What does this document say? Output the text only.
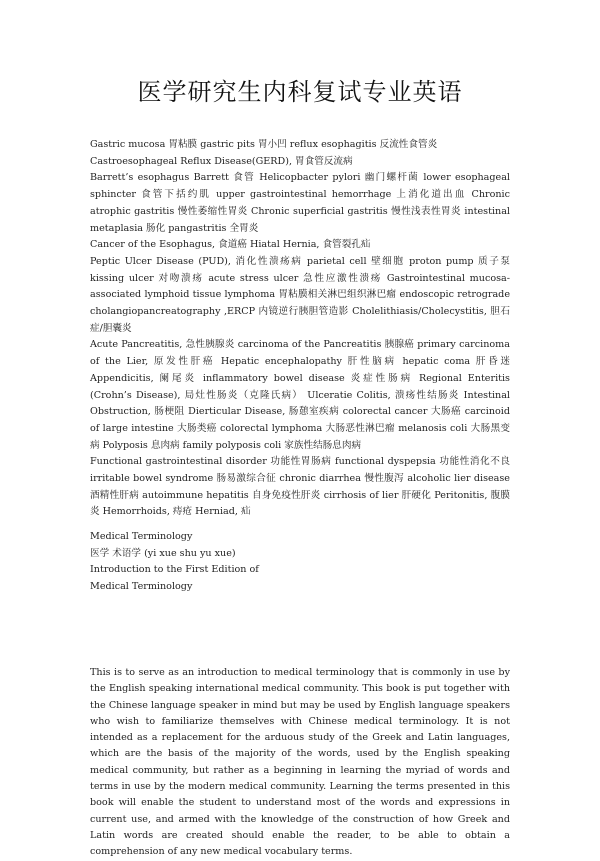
医学研究生内科复试专业英语

Gastric mucosa 胃粘膜 gastric pits 胃小凹 reflux esophagitis 反流性食管炎

Castroesophageal Reflux Disease(GERD), 胃食管反流病

Barrett’s esophagus Barrett 食管 Helicopbacter pylori 幽门螺杆菌 lower esophageal sphincter 食管下括约肌 upper gastrointestinal hemorrhage 上消化道出血 Chronic atrophic gastritis 慢性萎缩性胃炎 Chronic superficial gastritis 慢性浅表性胃炎 intestinal metaplasia 肠化 pangastritis 全胃炎

Cancer of the Esophagus, 食道癌 Hiatal Hernia, 食管裂孔疝

Peptic Ulcer Disease (PUD), 消化性溃疡病 parietal cell 壁细胞 proton pump 质子泵 kissing ulcer 对吻溃疡 acute stress ulcer 急性应激性溃疡 Gastrointestinal mucosa-associated lymphoid tissue lymphoma 胃粘膜相关淋巴组织淋巴瘤 endoscopic retrograde cholangiopancreatography ,ERCP 内镜逆行胰胆管造影 Cholelithiasis/Cholecystitis, 胆石症/胆囊炎

Acute Pancreatitis, 急性胰腺炎 carcinoma of the Pancreatitis 胰腺癌 primary carcinoma of the Lier, 原发性肝癌 Hepatic encephalopathy 肝性脑病 hepatic coma 肝昏迷 Appendicitis, 阑尾炎 inflammatory bowel disease 炎症性肠病 Regional Enteritis (Crohn’s Disease), 局灶性肠炎（克隆氏病） Ulceratie Colitis, 溃疡性结肠炎 Intestinal Obstruction, 肠梗阻 Dierticular Disease, 肠憩室疾病 colorectal cancer 大肠癌 carcinoid of large intestine 大肠类癌 colorectal lymphoma 大肠恶性淋巴瘤 melanosis coli 大肠黑变病 Polyposis 息肉病 family polyposis coli 家族性结肠息肉病

Functional gastrointestinal disorder 功能性胃肠病 functional dyspepsia 功能性消化不良 irritable bowel syndrome 肠易激综合征 chronic diarrhea 慢性腹泻 alcoholic lier disease 酒精性肝病 autoimmune hepatitis 自身免疫性肝炎 cirrhosis of lier 肝硬化 Peritonitis, 腹膜炎 Hemorrhoids, 痔疮 Herniad, 疝

Medical Terminology
医学 术语学 (yi xue shu yu xue)
Introduction to the First Edition of
Medical Terminology

This is to serve as an introduction to medical terminology that is commonly in use by the English speaking international medical community. This book is put together with the Chinese language speaker in mind but may be used by English language speakers who wish to familiarize themselves with Chinese medical terminology. It is not intended as a replacement for the arduous study of the Greek and Latin languages, which are the basis of the majority of the words, used by the English speaking medical community, but rather as a beginning in learning the myriad of words and terms in use by the modern medical community. Learning the terms presented in this book will enable the student to understand most of the words and expressions in current use, and armed with the knowledge of the construction of how Greek and Latin words are created should enable the reader, to be able to obtain a comprehension of any new medical vocabulary terms.
